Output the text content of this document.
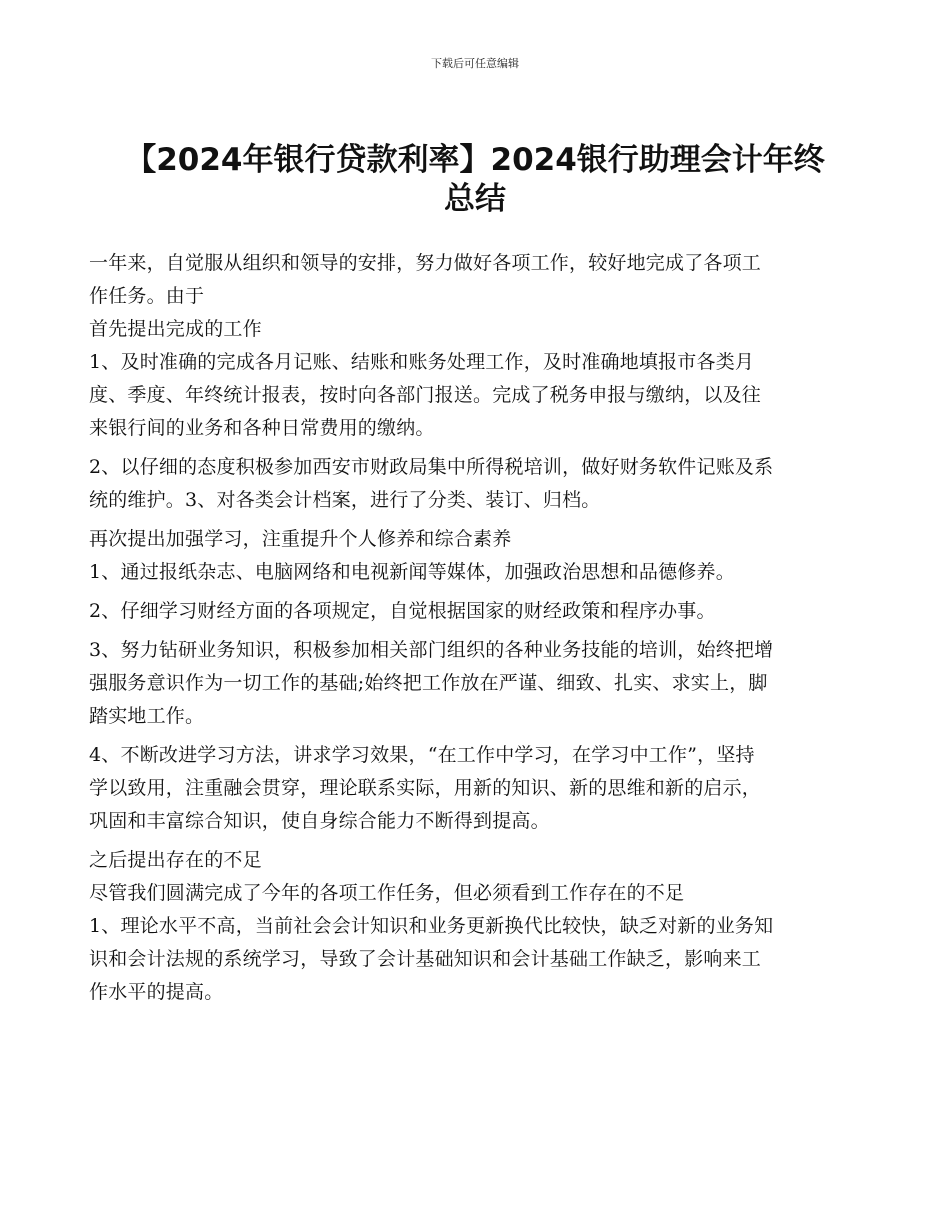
下载后可任意编辑
【2024年银行贷款利率】2024银行助理会计年终
总结
一年来，自觉服从组织和领导的安排，努力做好各项工作，较好地完成了各项工
作任务。由于
首先提出完成的工作
1、及时准确的完成各月记账、结账和账务处理工作，及时准确地填报市各类月
度、季度、年终统计报表，按时向各部门报送。完成了税务申报与缴纳，以及往
来银行间的业务和各种日常费用的缴纳。
2、以仔细的态度积极参加西安市财政局集中所得税培训，做好财务软件记账及系
统的维护。3、对各类会计档案，进行了分类、装订、归档。
再次提出加强学习，注重提升个人修养和综合素养
1、通过报纸杂志、电脑网络和电视新闻等媒体，加强政治思想和品德修养。
2、仔细学习财经方面的各项规定，自觉根据国家的财经政策和程序办事。
3、努力钻研业务知识，积极参加相关部门组织的各种业务技能的培训，始终把增
强服务意识作为一切工作的基础;始终把工作放在严谨、细致、扎实、求实上，脚
踏实地工作。
4、不断改进学习方法，讲求学习效果，“在工作中学习，在学习中工作”，坚持
学以致用，注重融会贯穿，理论联系实际，用新的知识、新的思维和新的启示，
巩固和丰富综合知识，使自身综合能力不断得到提高。
之后提出存在的不足
尽管我们圆满完成了今年的各项工作任务，但必须看到工作存在的不足
1、理论水平不高，当前社会会计知识和业务更新换代比较快，缺乏对新的业务知
识和会计法规的系统学习，导致了会计基础知识和会计基础工作缺乏，影响来工
作水平的提高。
